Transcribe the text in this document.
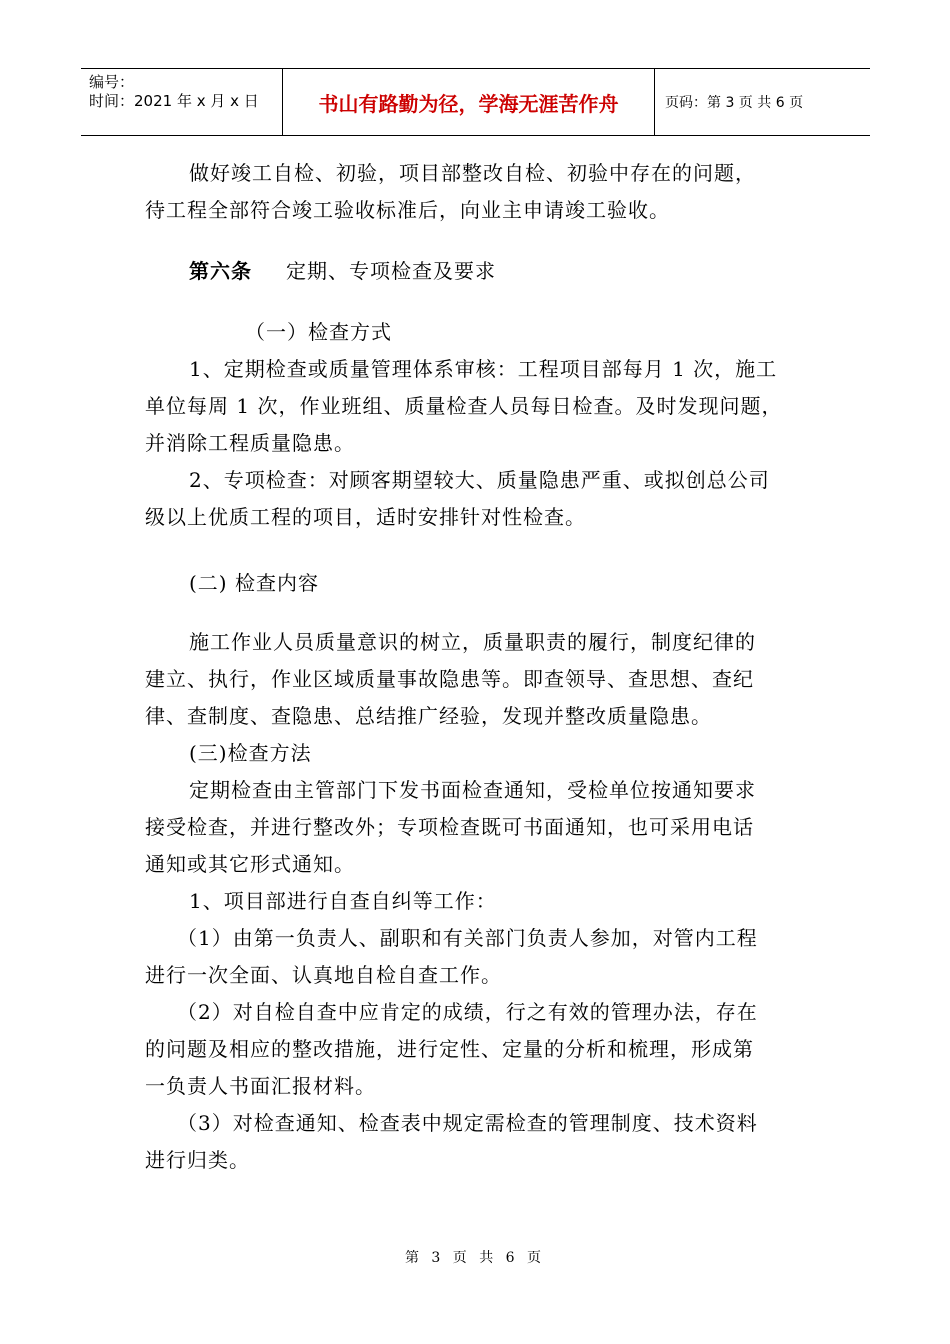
编号：
时间：2021 年 x 月 x 日	书山有路勤为径，学海无涯苦作舟	页码：第 3 页 共 6 页

做好竣工自检、初验，项目部整改自检、初验中存在的问题，

待工程全部符合竣工验收标准后，向业主申请竣工验收。

第六条 定期、专项检查及要求

（一）检查方式

1、定期检查或质量管理体系审核：工程项目部每月 1 次，施工

单位每周 1 次，作业班组、质量检查人员每日检查。及时发现问题，

并消除工程质量隐患。

2、专项检查：对顾客期望较大、质量隐患严重、或拟创总公司

级以上优质工程的项目，适时安排针对性检查。

(二) 检查内容

施工作业人员质量意识的树立，质量职责的履行，制度纪律的

建立、执行，作业区域质量事故隐患等。即查领导、查思想、查纪

律、查制度、查隐患、总结推广经验，发现并整改质量隐患。

(三)检查方法

定期检查由主管部门下发书面检查通知，受检单位按通知要求

接受检查，并进行整改外；专项检查既可书面通知，也可采用电话

通知或其它形式通知。

1、项目部进行自查自纠等工作：

（1）由第一负责人、副职和有关部门负责人参加，对管内工程

进行一次全面、认真地自检自查工作。

（2）对自检自查中应肯定的成绩，行之有效的管理办法，存在

的问题及相应的整改措施，进行定性、定量的分析和梳理，形成第

一负责人书面汇报材料。

（3）对检查通知、检查表中规定需检查的管理制度、技术资料

进行归类。

第 3 页 共 6 页
